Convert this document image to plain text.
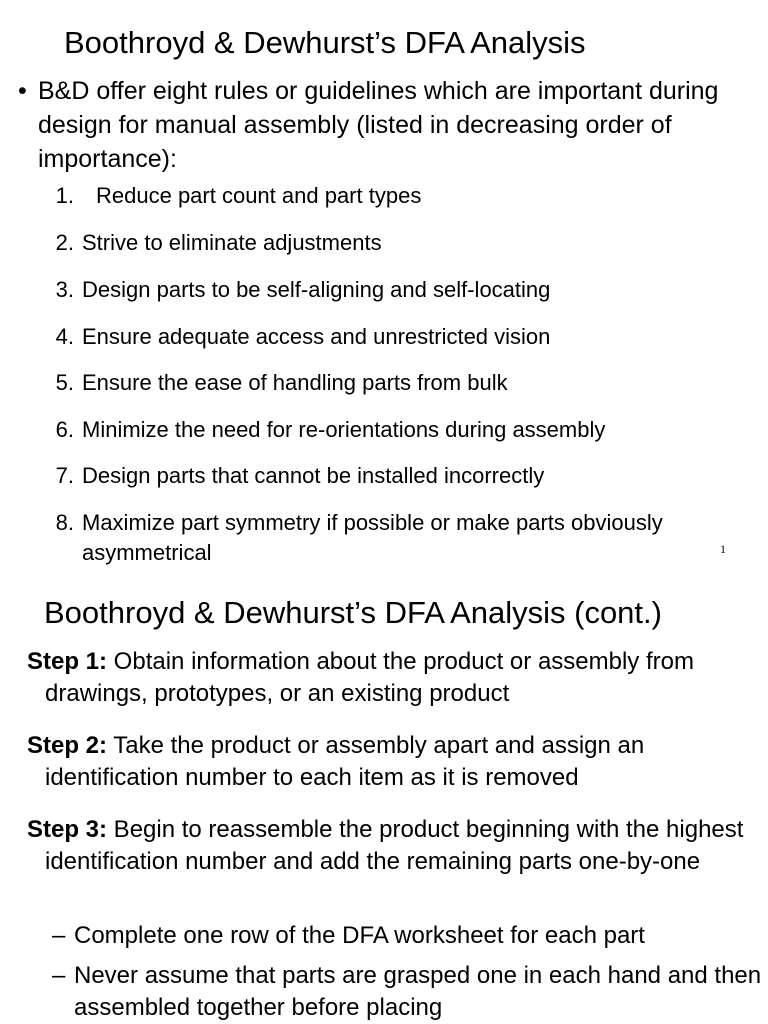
Boothroyd & Dewhurst’s DFA Analysis
• B&D offer eight rules or guidelines which are important during design for manual assembly (listed in decreasing order of importance):
1. Reduce part count and part types
2. Strive to eliminate adjustments
3. Design parts to be self-aligning and self-locating
4. Ensure adequate access and unrestricted vision
5. Ensure the ease of handling parts from bulk
6. Minimize the need for re-orientations during assembly
7. Design parts that cannot be installed incorrectly
8. Maximize part symmetry if possible or make parts obviously asymmetrical	1
Boothroyd & Dewhurst’s DFA Analysis (cont.)
Step 1: Obtain information about the product or assembly from drawings, prototypes, or an existing product
Step 2: Take the product or assembly apart and assign an identification number to each item as it is removed
Step 3: Begin to reassemble the product beginning with the highest identification number and add the remaining parts one-by-one
– Complete one row of the DFA worksheet for each part
– Never assume that parts are grasped one in each hand and then assembled together before placing
